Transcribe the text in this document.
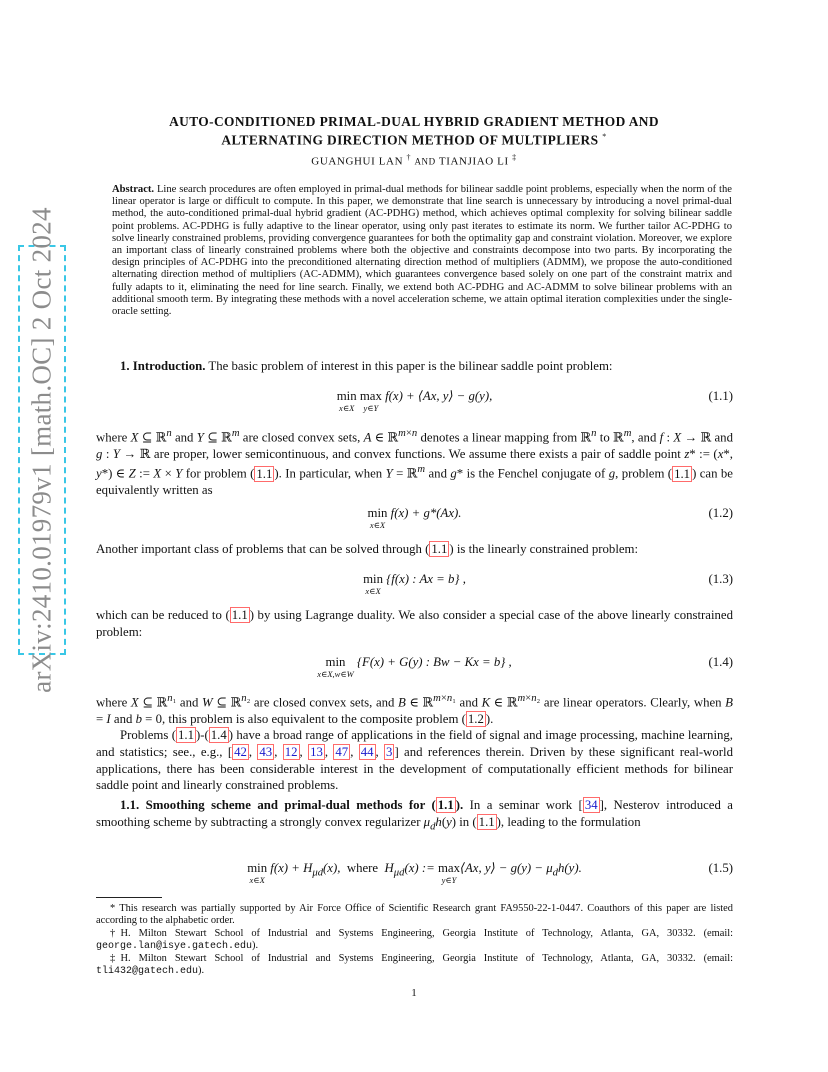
arXiv:2410.01979v1 [math.OC] 2 Oct 2024
AUTO-CONDITIONED PRIMAL-DUAL HYBRID GRADIENT METHOD AND
ALTERNATING DIRECTION METHOD OF MULTIPLIERS *
GUANGHUI LAN † AND TIANJIAO LI ‡
Abstract. Line search procedures are often employed in primal-dual methods for bilinear saddle point problems, especially when the norm of the linear operator is large or difficult to compute. In this paper, we demonstrate that line search is unnecessary by introducing a novel primal-dual method, the auto-conditioned primal-dual hybrid gradient (AC-PDHG) method, which achieves optimal complexity for solving bilinear saddle point problems. AC-PDHG is fully adaptive to the linear operator, using only past iterates to estimate its norm. We further tailor AC-PDHG to solve linearly constrained problems, providing convergence guarantees for both the optimality gap and constraint violation. Moreover, we explore an important class of linearly constrained problems where both the objective and constraints decompose into two parts. By incorporating the design principles of AC-PDHG into the preconditioned alternating direction method of multipliers (ADMM), we propose the auto-conditioned alternating direction method of multipliers (AC-ADMM), which guarantees convergence based solely on one part of the constraint matrix and fully adapts to it, eliminating the need for line search. Finally, we extend both AC-PDHG and AC-ADMM to solve bilinear problems with an additional smooth term. By integrating these methods with a novel acceleration scheme, we attain optimal iteration complexities under the single-oracle setting.

1. Introduction. The basic problem of interest in this paper is the bilinear saddle point problem:

min
x∈X
max
y∈Y
f(x) + ⟨Ax, y⟩ − g(y),	(1.1)

where X ⊆ ℝ$^n$ and Y ⊆ ℝ$^m$ are closed convex sets, A ∈ ℝ$^{m\times n}$ denotes a linear mapping from ℝ$^n$ to ℝ$^m$, and f : X → ℝ and g : Y → ℝ are proper, lower semicontinuous, and convex functions. We assume there exists a pair of saddle point z* := (x*, y*) ∈ Z := X × Y for problem ( 1.1 ). In particular, when Y = ℝ$^m$ and g* is the Fenchel conjugate of g, problem ( 1.1 ) can be equivalently written as

min
x∈X
f(x) + g*(Ax).	(1.2)

Another important class of problems that can be solved through ( 1.1 ) is the linearly constrained problem:

min
x∈X
{f(x) : Ax = b} ,	(1.3)

which can be reduced to ( 1.1 ) by using Lagrange duality. We also consider a special case of the above linearly constrained problem:

min
x∈X,w∈W
{F(x) + G(y) : Bw − Kx = b} ,	(1.4)

where X ⊆ ℝ$^{n_1}$ and W ⊆ ℝ$^{n_2}$ are closed convex sets, and B ∈ ℝ$^{m\times n_1}$ and K ∈ ℝ$^{m\times n_2}$ are linear operators. Clearly, when B = I and b = 0, this problem is also equivalent to the composite problem ( 1.2 ).

Problems ( 1.1 )-( 1.4 ) have a broad range of applications in the field of signal and image processing, machine learning, and statistics; see., e.g., [ 42 , 43 , 12 , 13 , 47 , 44 , 3 ] and references therein. Driven by these significant real-world applications, there has been considerable interest in the development of computationally efficient methods for bilinear saddle point and linearly constrained problems.

1.1. Smoothing scheme and primal-dual methods for ( 1.1 ). In a seminar work [ 34 ], Nesterov introduced a smoothing scheme by subtracting a strongly convex regularizer $\mu_dh(y)$ in ( 1.1 ), leading to the formulation

min
x∈X
$f(x) + H_{\mu d}(x)$,  where  $H_{\mu d}(x)$ := max
y∈Y
⟨Ax, y⟩ − $g(y) - \mu_dh(y)$.	(1.5)

* This research was partially supported by Air Force Office of Scientific Research grant FA9550-22-1-0447. Coauthors of this paper are listed according to the alphabetic order.

†H. Milton Stewart School of Industrial and Systems Engineering, Georgia Institute of Technology, Atlanta, GA, 30332. (email: george.lan@isye.gatech.edu).

‡H. Milton Stewart School of Industrial and Systems Engineering, Georgia Institute of Technology, Atlanta, GA, 30332. (email: tli432@gatech.edu).

1
